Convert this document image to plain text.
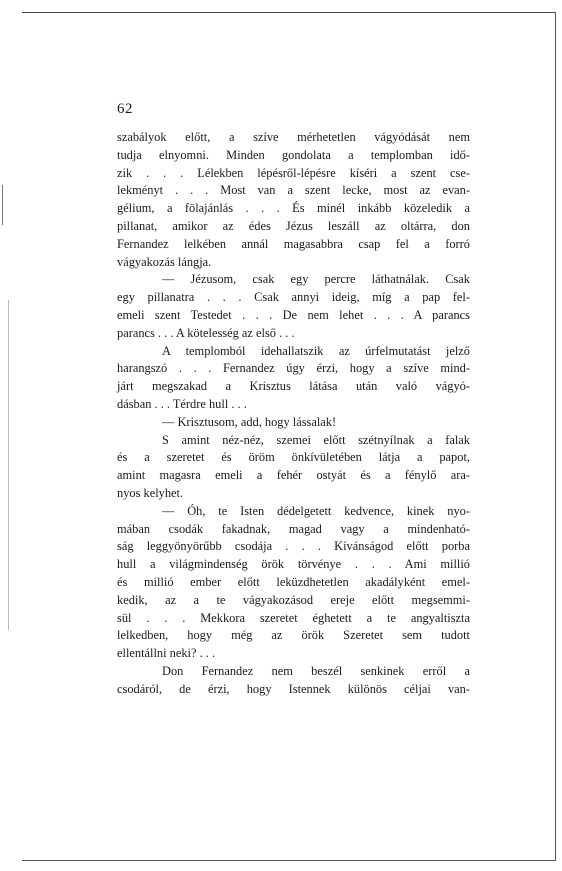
62
szabályok előtt, a szíve mérhetetlen vágyódását nem
tudja elnyomni. Minden gondolata a templomban idő-
zik . . . Lélekben lépésről-lépésre kíséri a szent cse-
lekményt . . . Most van a szent lecke, most az evan-
gélium, a fölajánlás . . . És minél inkább közeledik a
pillanat, amikor az édes Jézus leszáll az oltárra, don
Fernandez lelkében annál magasabbra csap fel a forró
vágyakozás lángja.
— Jézusom, csak egy percre láthatnálak. Csak
egy pillanatra . . . Csak annyi ideig, míg a pap fel-
emeli szent Testedet . . . De nem lehet . . . A parancs
parancs . . . A kötelesség az első . . .
A templomból idehallatszik az úrfelmutatást jelző
harangszó . . . Fernandez úgy érzi, hogy a szíve mind-
járt megszakad a Krisztus látása után való vágyó-
dásban . . . Térdre hull . . .
— Krisztusom, add, hogy lássalak!
S amint néz-néz, szemei előtt szétnyílnak a falak
és a szeretet és öröm önkívületében látja a papot,
amint magasra emeli a fehér ostyát és a fénylő ara-
nyos kelyhet.
— Óh, te Isten dédelgetett kedvence, kinek nyo-
mában csodák fakadnak, magad vagy a mindenható-
ság leggyönyörűbb csodája . . . Kívánságod előtt porba
hull a világmindenség örök törvénye . . . Ami millió
és millió ember előtt leküzdhetetlen akadályként emel-
kedik, az a te vágyakozásod ereje előtt megsemmi-
sül . . . Mekkora szeretet éghetett a te angyaltiszta
lelkedben, hogy még az örök Szeretet sem tudott
ellentállni neki? . . .
Don Fernandez nem beszél senkinek erről a
csodáról, de érzi, hogy Istennek különös céljai van-
